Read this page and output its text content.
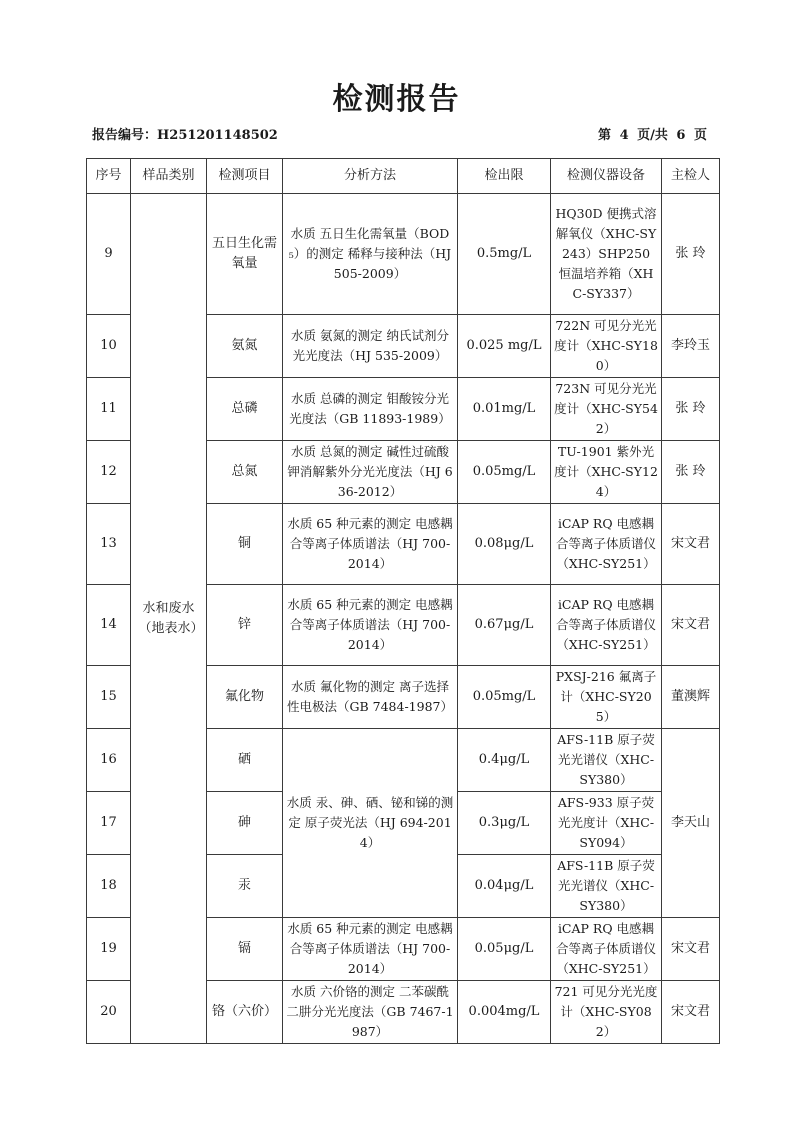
检测报告
报告编号：H251201148502	第 4 页/共 6 页
序号	样品类别	检测项目	分析方法	检出限	检测仪器设备	主检人
9	水和废水（地表水）	五日生化需氧量	水质 五日生化需氧量（BOD₅）的测定 稀释与接种法（HJ 505-2009）	0.5mg/L	HQ30D 便携式溶解氧仪（XHC-SY243）SHP250 恒温培养箱（XHC-SY337）	张 玲
10		氨氮	水质 氨氮的测定 纳氏试剂分光光度法（HJ 535-2009）	0.025 mg/L	722N 可见分光光度计（XHC-SY180）	李玲玉
11		总磷	水质 总磷的测定 钼酸铵分光光度法（GB 11893-1989）	0.01mg/L	723N 可见分光光度计（XHC-SY542）	张 玲
12		总氮	水质 总氮的测定 碱性过硫酸钾消解紫外分光光度法（HJ 636-2012）	0.05mg/L	TU-1901 紫外光度计（XHC-SY124）	张 玲
13		铜	水质 65 种元素的测定 电感耦合等离子体质谱法（HJ 700-2014）	0.08μg/L	iCAP RQ 电感耦合等离子体质谱仪（XHC-SY251）	宋文君
14		锌	水质 65 种元素的测定 电感耦合等离子体质谱法（HJ 700-2014）	0.67μg/L	iCAP RQ 电感耦合等离子体质谱仪（XHC-SY251）	宋文君
15		氟化物	水质 氟化物的测定 离子选择性电极法（GB 7484-1987）	0.05mg/L	PXSJ-216 氟离子计（XHC-SY205）	董澳辉
16		硒	水质 汞、砷、硒、铋和锑的测定 原子荧光法（HJ 694-2014）	0.4μg/L	AFS-11B 原子荧光光谱仪（XHC-SY380）	李天山
17		砷		0.3μg/L	AFS-933 原子荧光光度计（XHC-SY094）	
18		汞		0.04μg/L	AFS-11B 原子荧光光谱仪（XHC-SY380）	
19		镉	水质 65 种元素的测定 电感耦合等离子体质谱法（HJ 700-2014）	0.05μg/L	iCAP RQ 电感耦合等离子体质谱仪（XHC-SY251）	宋文君
20		铬（六价）	水质 六价铬的测定 二苯碳酰二肼分光光度法（GB 7467-1987）	0.004mg/L	721 可见分光光度计（XHC-SY082）	宋文君
